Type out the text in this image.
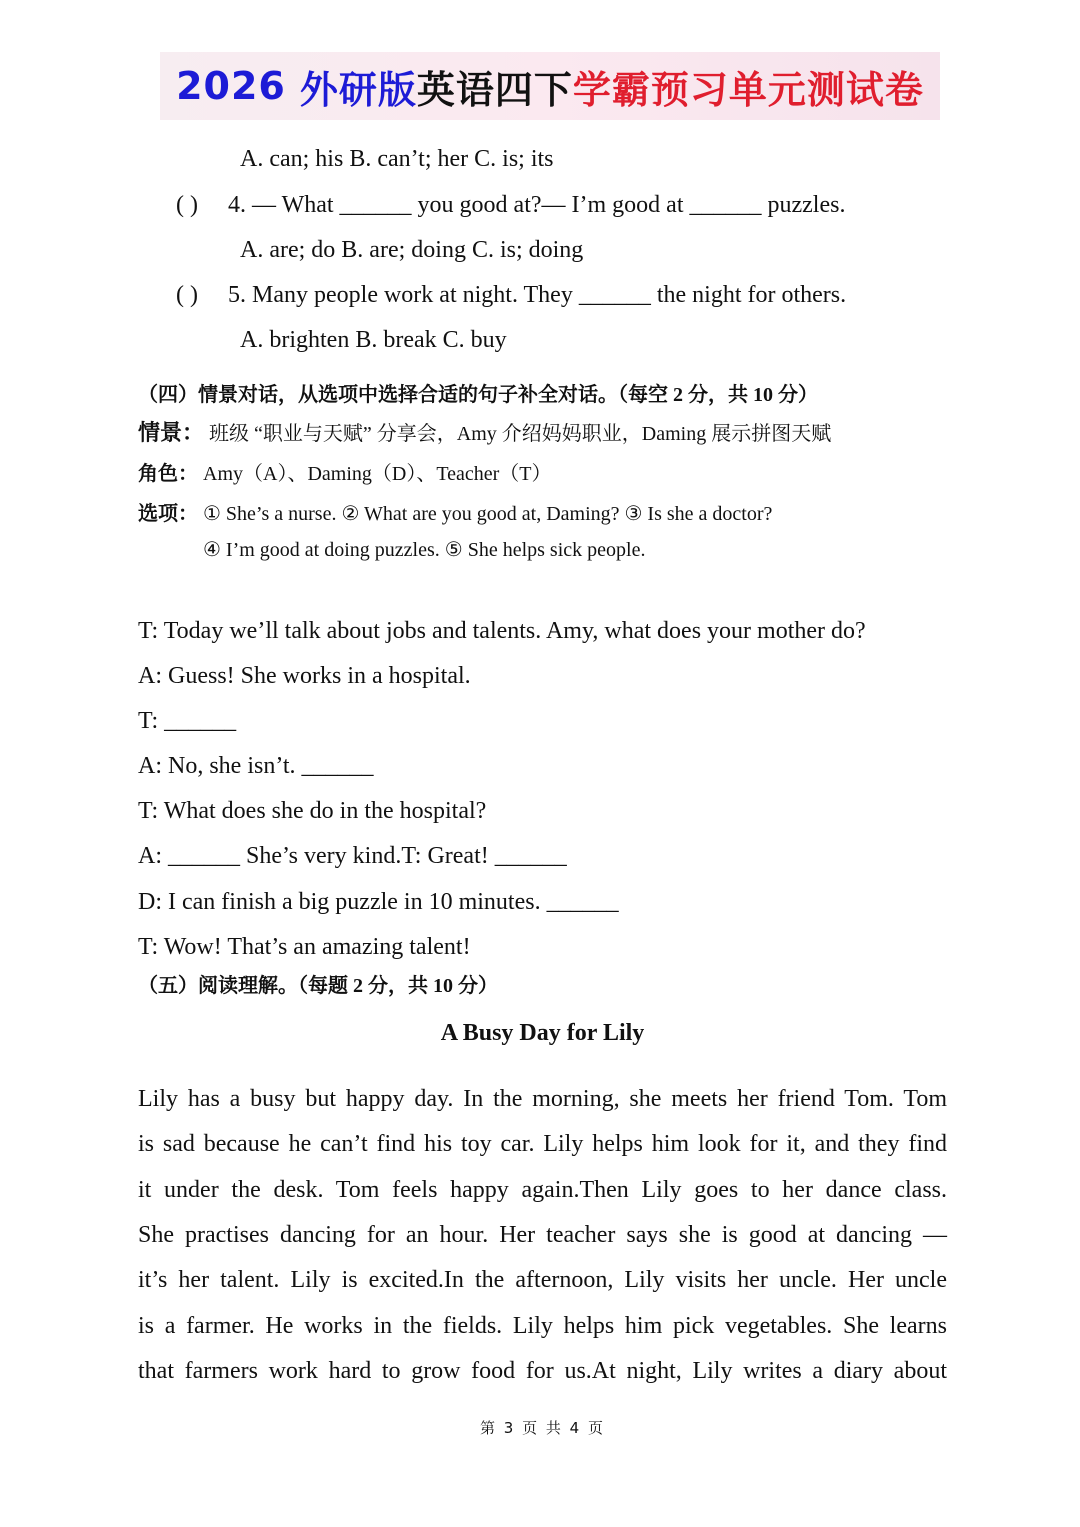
2026 外研版 英语四下 学霸预习单元测试卷
A. can; his B. can’t; her C. is; its
( ) 4. — What ______ you good at?— I’m good at ______ puzzles.
A. are; do B. are; doing C. is; doing
( ) 5. Many people work at night. They ______ the night for others.
A. brighten B. break C. buy
（四）情景对话，从选项中选择合适的句子补全对话。（每空 2 分，共 10 分）
情景： 班级 “职业与天赋” 分享会，Amy 介绍妈妈职业，Daming 展示拼图天赋
角色： Amy（A）、Daming（D）、Teacher（T）
选项： ① She’s a nurse. ② What are you good at, Daming? ③ Is she a doctor?
④ I’m good at doing puzzles. ⑤ She helps sick people.
T: Today we’ll talk about jobs and talents. Amy, what does your mother do?
A: Guess! She works in a hospital.
T: ______
A: No, she isn’t. ______
T: What does she do in the hospital?
A: ______ She’s very kind.T: Great! ______
D: I can finish a big puzzle in 10 minutes. ______
T: Wow! That’s an amazing talent!
（五）阅读理解。（每题 2 分，共 10 分）
A Busy Day for Lily
Lily has a busy but happy day. In the morning, she meets her friend Tom. Tom
is sad because he can’t find his toy car. Lily helps him look for it, and they find
it under the desk. Tom feels happy again.Then Lily goes to her dance class.
She practises dancing for an hour. Her teacher says she is good at dancing —
it’s her talent. Lily is excited.In the afternoon, Lily visits her uncle. Her uncle
is a farmer. He works in the fields. Lily helps him pick vegetables. She learns
that farmers work hard to grow food for us.At night, Lily writes a diary about
第 3 页 共 4 页
